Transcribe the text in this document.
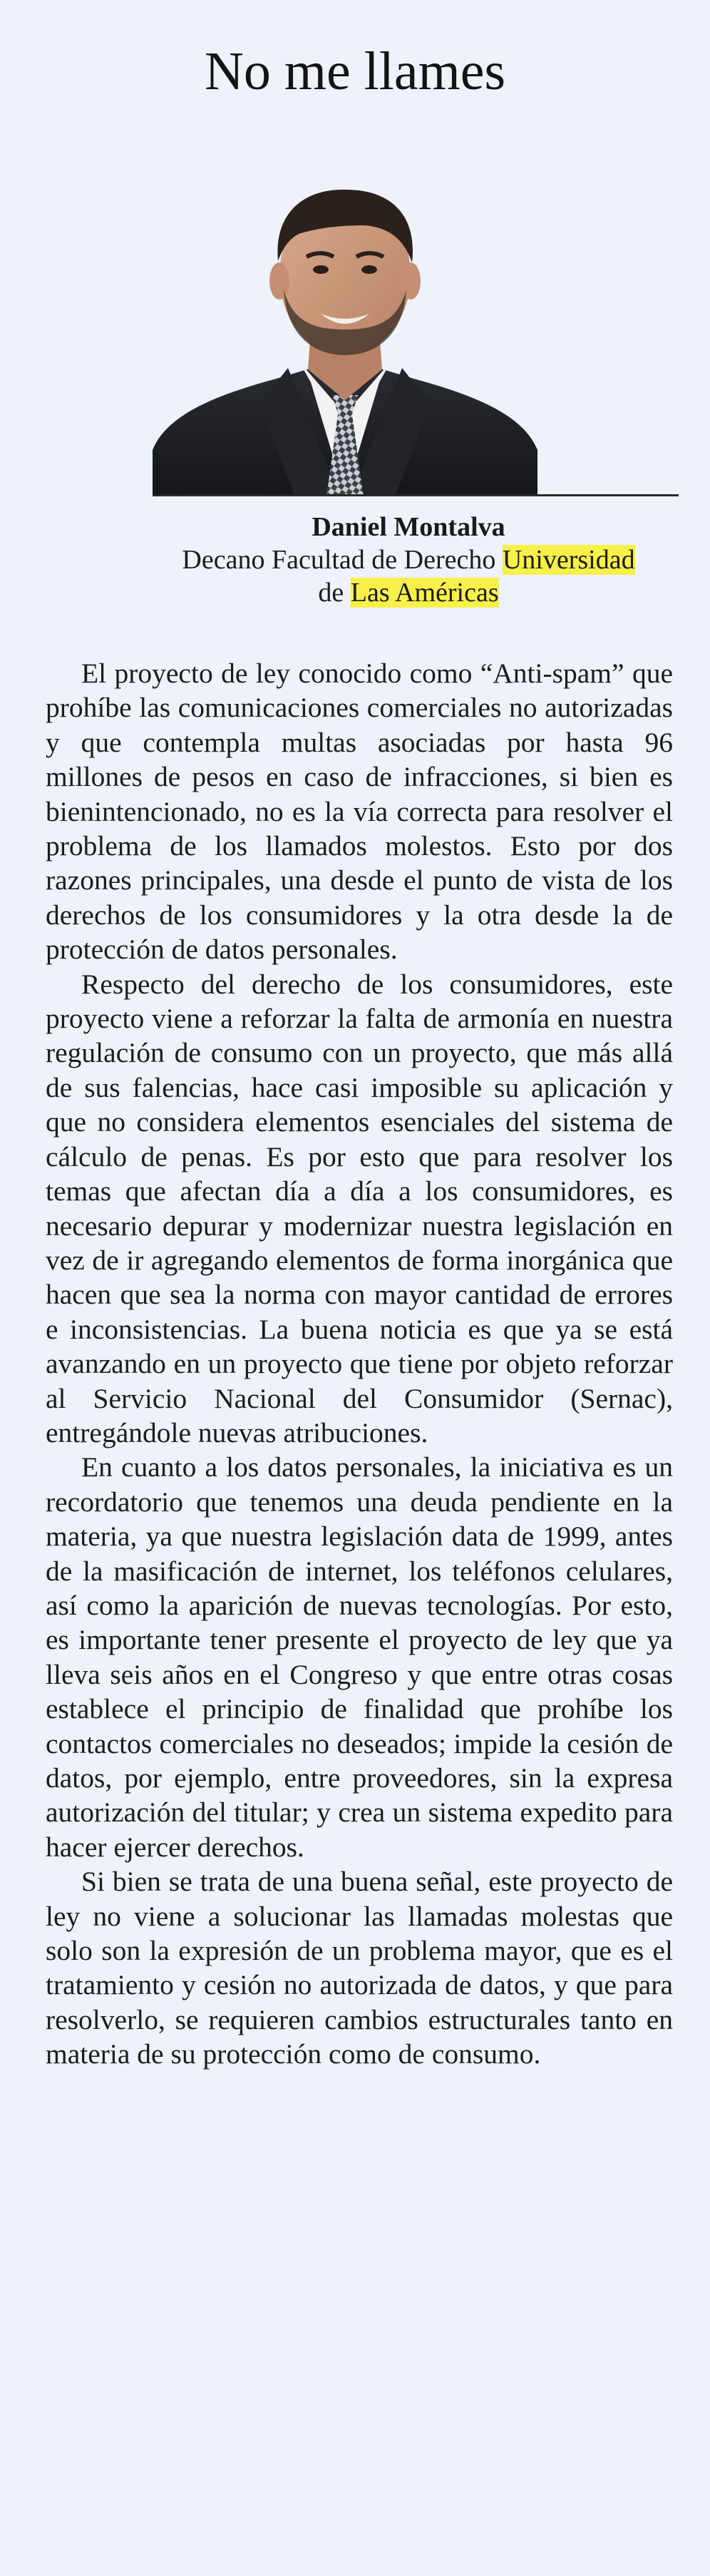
No me llames
Daniel Montalva
Decano Facultad de Derecho Universidad
de Las Américas

El proyecto de ley conocido como “Anti-spam” que prohíbe las comunicaciones comerciales no autorizadas y que contempla multas asociadas por hasta 96 millones de pesos en caso de infracciones, si bien es bienintencionado, no es la vía correcta para resolver el problema de los llamados molestos. Esto por dos razones principales, una desde el punto de vista de los derechos de los consumidores y la otra desde la de protección de datos personales.

Respecto del derecho de los consumidores, este proyecto viene a reforzar la falta de armonía en nuestra regulación de consumo con un proyecto, que más allá de sus falencias, hace casi imposible su aplicación y que no considera elementos esenciales del sistema de cálculo de penas. Es por esto que para resolver los temas que afectan día a día a los consumidores, es necesario depurar y modernizar nuestra legislación en vez de ir agregando elementos de forma inorgánica que hacen que sea la norma con mayor cantidad de errores e inconsistencias. La buena noticia es que ya se está avanzando en un proyecto que tiene por objeto reforzar al Servicio Nacional del Consumidor (Sernac), entregándole nuevas atribuciones.

En cuanto a los datos personales, la iniciativa es un recordatorio que tenemos una deuda pendiente en la materia, ya que nuestra legislación data de 1999, antes de la masificación de internet, los teléfonos celulares, así como la aparición de nuevas tecnologías. Por esto, es importante tener presente el proyecto de ley que ya lleva seis años en el Congreso y que entre otras cosas establece el principio de finalidad que prohíbe los contactos comerciales no deseados; impide la cesión de datos, por ejemplo, entre proveedores, sin la expresa autorización del titular; y crea un sistema expedito para hacer ejercer derechos.

Si bien se trata de una buena señal, este proyecto de ley no viene a solucionar las llamadas molestas que solo son la expresión de un problema mayor, que es el tratamiento y cesión no autorizada de datos, y que para resolverlo, se requieren cambios estructurales tanto en materia de su protección como de consumo.
